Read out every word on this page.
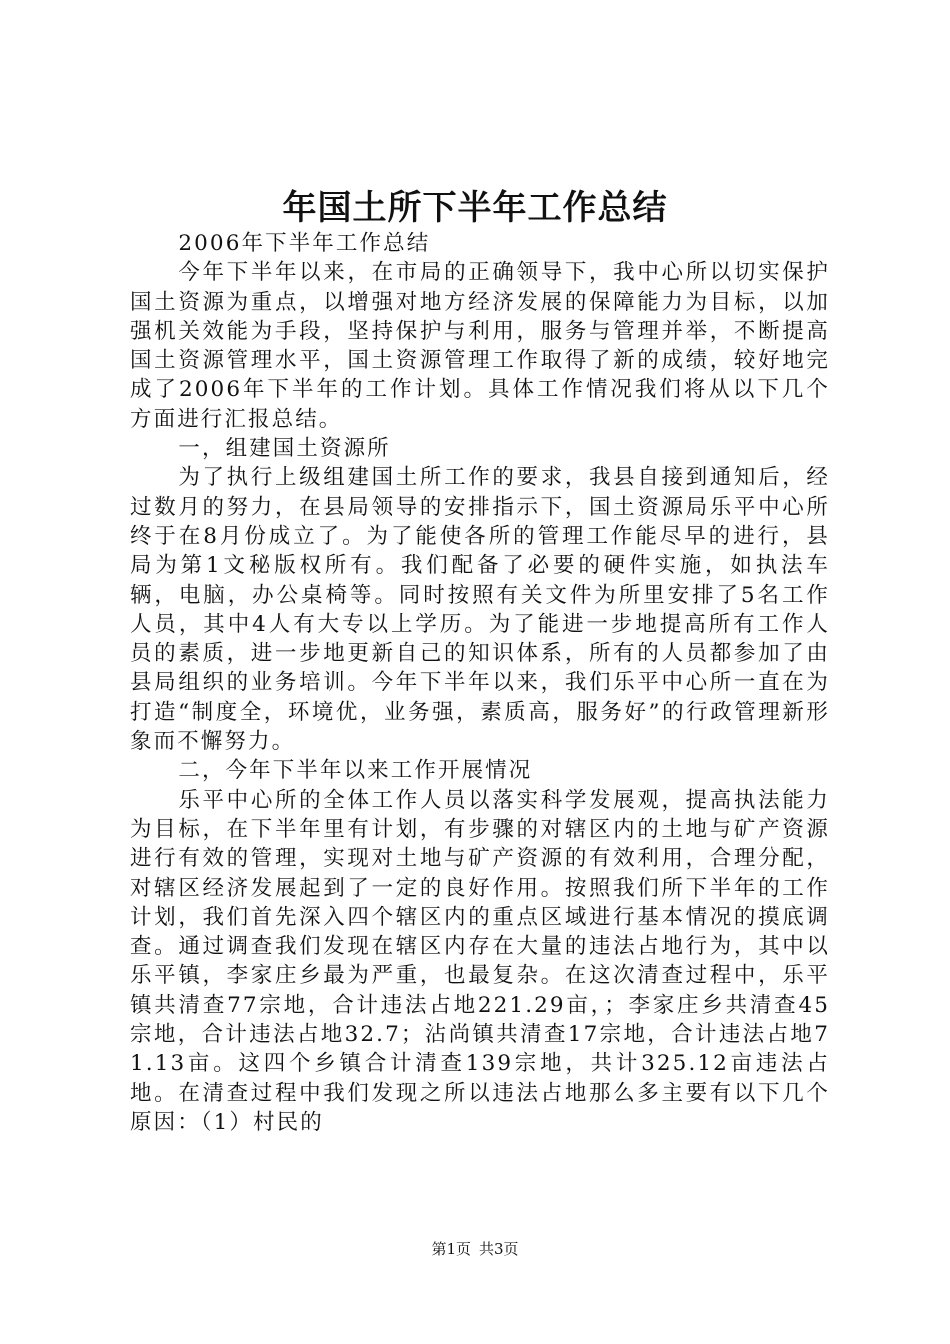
年国土所下半年工作总结

2006年下半年工作总结

今年下半年以来，在市局的正确领导下，我中心所以切实保护国土资源为重点，以增强对地方经济发展的保障能力为目标，以加强机关效能为手段，坚持保护与利用，服务与管理并举，不断提高国土资源管理水平，国土资源管理工作取得了新的成绩，较好地完成了2006年下半年的工作计划。具体工作情况我们将从以下几个方面进行汇报总结。

一，组建国土资源所

为了执行上级组建国土所工作的要求，我县自接到通知后，经过数月的努力，在县局领导的安排指示下，国土资源局乐平中心所终于在8月份成立了。为了能使各所的管理工作能尽早的进行，县局为第1文秘版权所有。我们配备了必要的硬件实施，如执法车辆，电脑，办公桌椅等。同时按照有关文件为所里安排了5名工作人员，其中4人有大专以上学历。为了能进一步地提高所有工作人员的素质，进一步地更新自己的知识体系，所有的人员都参加了由县局组织的业务培训。今年下半年以来，我们乐平中心所一直在为打造“制度全，环境优，业务强，素质高，服务好”的行政管理新形象而不懈努力。

二，今年下半年以来工作开展情况

乐平中心所的全体工作人员以落实科学发展观，提高执法能力为目标，在下半年里有计划，有步骤的对辖区内的土地与矿产资源进行有效的管理，实现对土地与矿产资源的有效利用，合理分配，对辖区经济发展起到了一定的良好作用。按照我们所下半年的工作计划，我们首先深入四个辖区内的重点区域进行基本情况的摸底调查。通过调查我们发现在辖区内存在大量的违法占地行为，其中以乐平镇，李家庄乡最为严重，也最复杂。在这次清查过程中，乐平镇共清查77宗地，合计违法占地221.29亩，；李家庄乡共清查45宗地，合计违法占地32.7；沾尚镇共清查17宗地，合计违法占地71.13亩。这四个乡镇合计清查139宗地，共计325.12亩违法占地。在清查过程中我们发现之所以违法占地那么多主要有以下几个原因：（1）村民的

第1页 共3页
